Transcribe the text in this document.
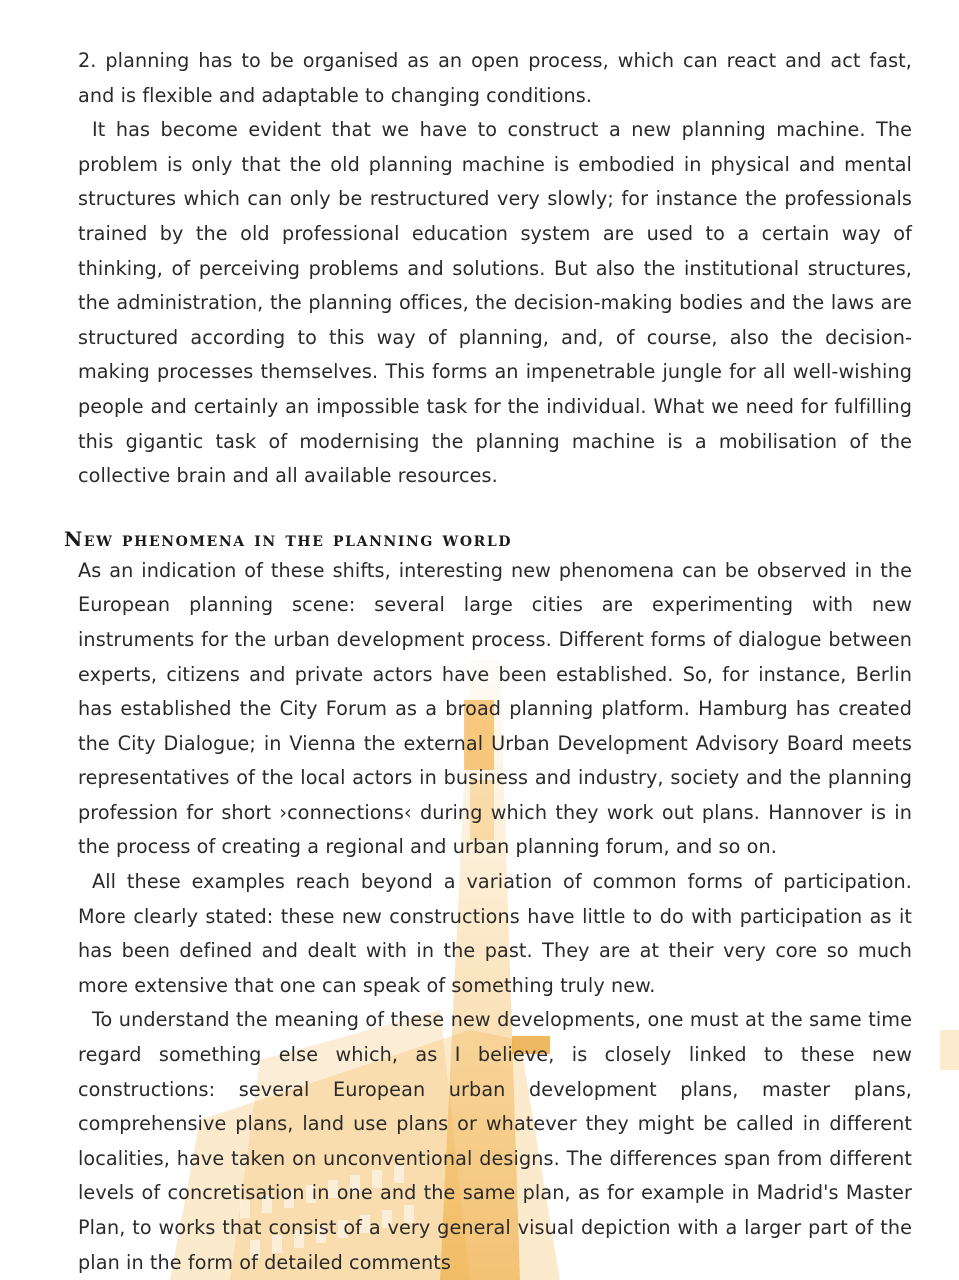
2. planning has to be organised as an open process, which can react and act fast, and is flexible and adaptable to changing conditions.

It has become evident that we have to construct a new planning machine. The problem is only that the old planning machine is embodied in physical and mental structures which can only be restructured very slowly; for instance the professionals trained by the old professional education system are used to a certain way of thinking, of perceiving problems and solutions. But also the institutional structures, the administration, the planning offices, the decision-making bodies and the laws are structured according to this way of planning, and, of course, also the decision-making processes themselves. This forms an impenetrable jungle for all well-wishing people and certainly an impossible task for the individual. What we need for fulfilling this gigantic task of modernising the planning machine is a mobilisation of the collective brain and all available resources.

New phenomena in the planning world

As an indication of these shifts, interesting new phenomena can be observed in the European planning scene: several large cities are experimenting with new instruments for the urban development process. Different forms of dialogue between experts, citizens and private actors have been established. So, for instance, Berlin has established the City Forum as a broad planning platform. Hamburg has created the City Dialogue; in Vienna the external Urban Development Advisory Board meets representatives of the local actors in business and industry, society and the planning profession for short ›connections‹ during which they work out plans. Hannover is in the process of creating a regional and urban planning forum, and so on.

All these examples reach beyond a variation of common forms of participation. More clearly stated: these new constructions have little to do with participation as it has been defined and dealt with in the past. They are at their very core so much more extensive that one can speak of something truly new.

To understand the meaning of these new developments, one must at the same time regard something else which, as I believe, is closely linked to these new constructions: several European urban development plans, master plans, comprehensive plans, land use plans or whatever they might be called in different localities, have taken on unconventional designs. The differences span from different levels of concretisation in one and the same plan, as for example in Madrid's Master Plan, to works that consist of a very general visual depiction with a larger part of the plan in the form of detailed comments
